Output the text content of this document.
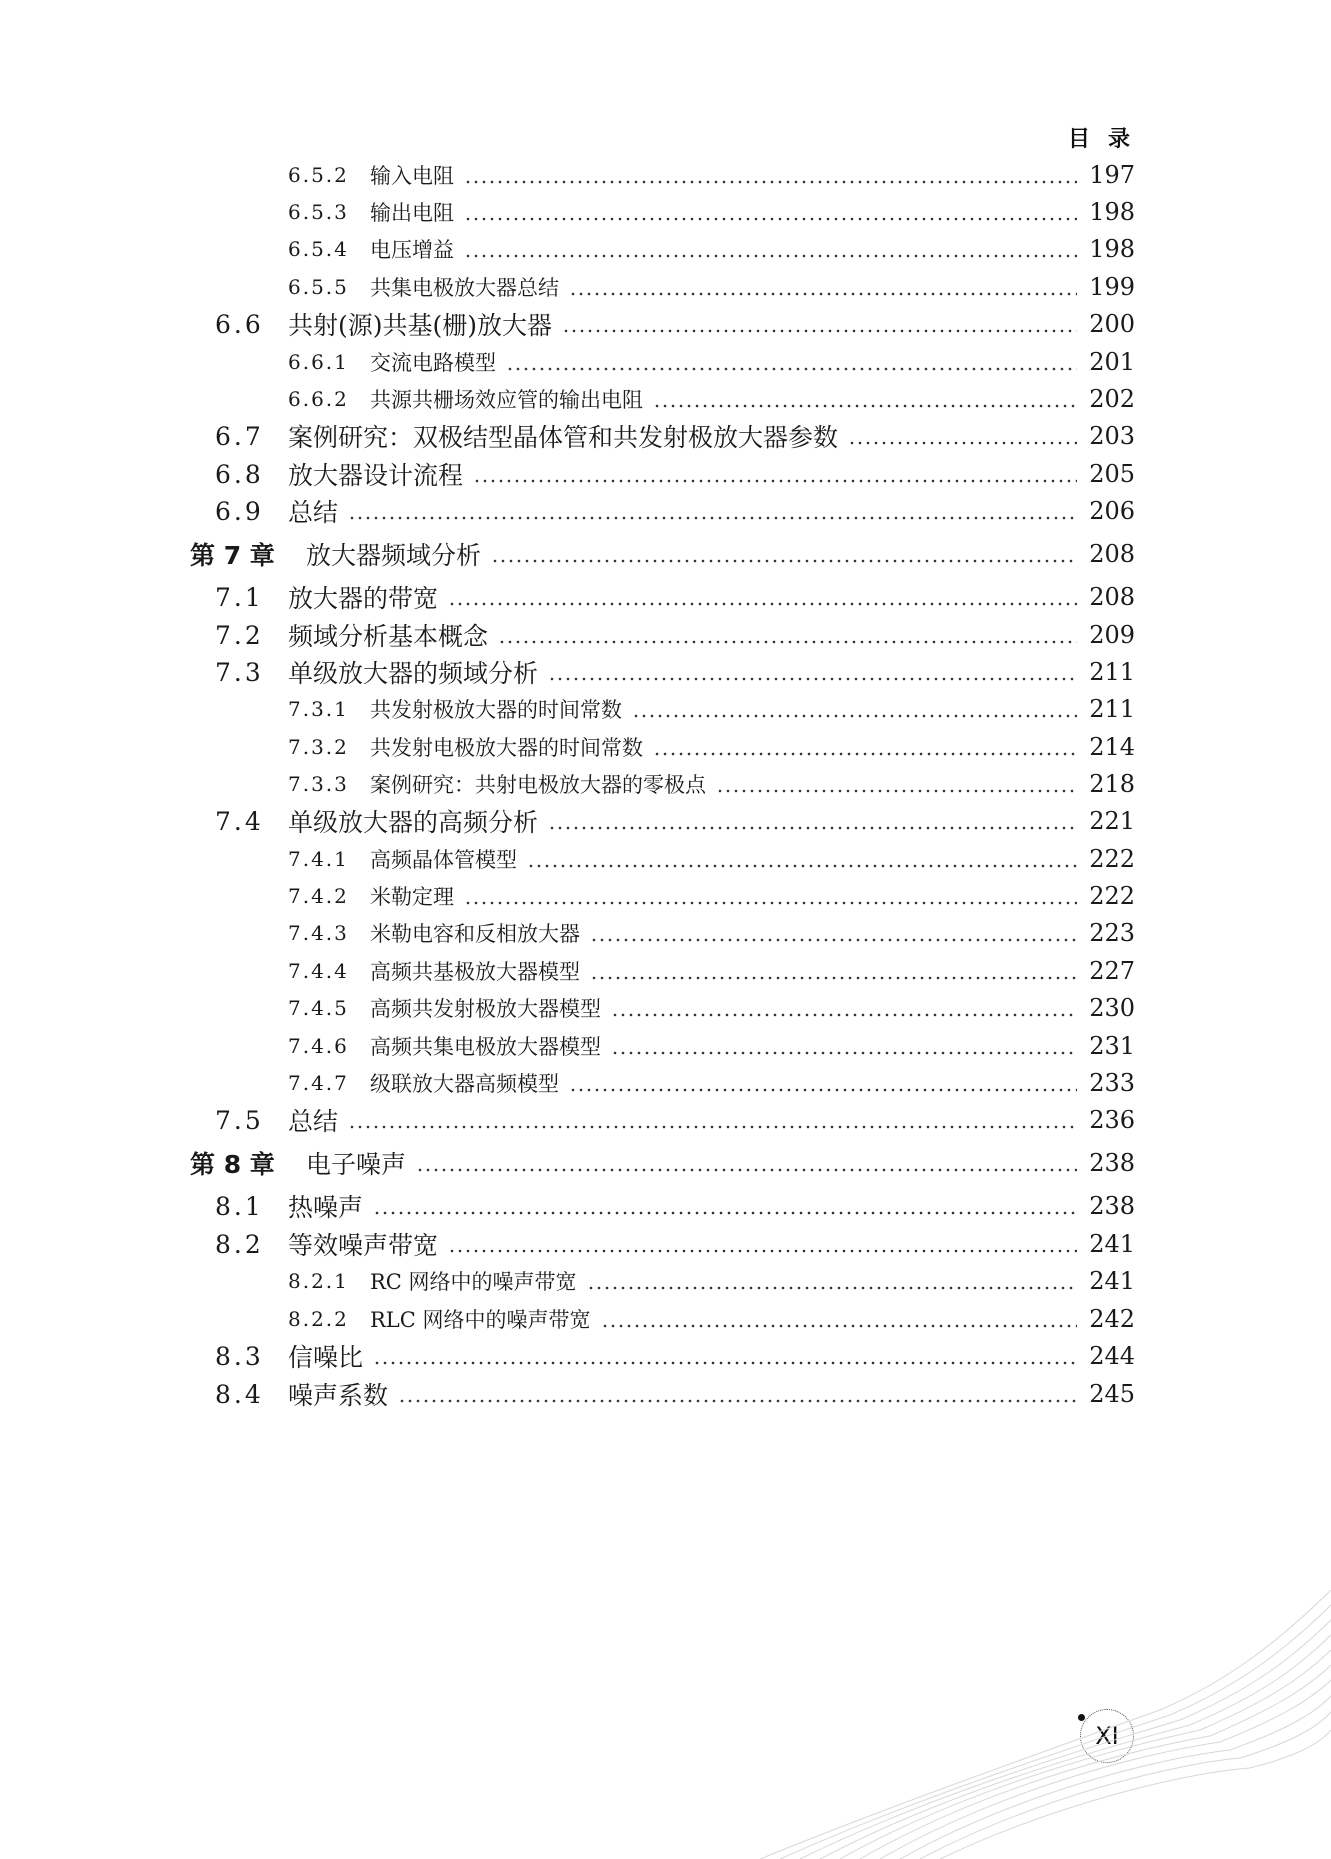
目录
6.5.2 输入电阻	197
6.5.3 输出电阻	198
6.5.4 电压增益	198
6.5.5 共集电极放大器总结	199
6.6 共射(源)共基(栅)放大器	200
6.6.1 交流电路模型	201
6.6.2 共源共栅场效应管的输出电阻	202
6.7 案例研究：双极结型晶体管和共发射极放大器参数	203
6.8 放大器设计流程	205
6.9 总结	206
第 7 章 放大器频域分析	208
7.1 放大器的带宽	208
7.2 频域分析基本概念	209
7.3 单级放大器的频域分析	211
7.3.1 共发射极放大器的时间常数	211
7.3.2 共发射电极放大器的时间常数	214
7.3.3 案例研究：共射电极放大器的零极点	218
7.4 单级放大器的高频分析	221
7.4.1 高频晶体管模型	222
7.4.2 米勒定理	222
7.4.3 米勒电容和反相放大器	223
7.4.4 高频共基极放大器模型	227
7.4.5 高频共发射极放大器模型	230
7.4.6 高频共集电极放大器模型	231
7.4.7 级联放大器高频模型	233
7.5 总结	236
第 8 章 电子噪声	238
8.1 热噪声	238
8.2 等效噪声带宽	241
8.2.1 RC 网络中的噪声带宽	241
8.2.2 RLC 网络中的噪声带宽	242
8.3 信噪比	244
8.4 噪声系数	245
XI
